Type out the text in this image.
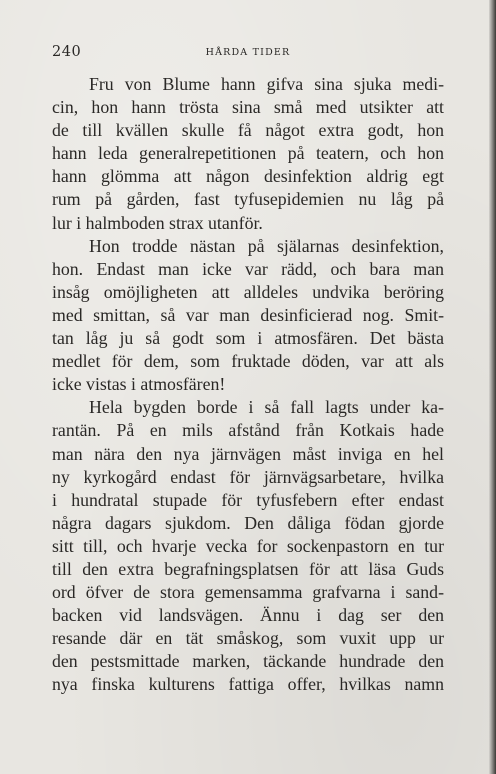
240	HÅRDA TIDER
Fru von Blume hann gifva sina sjuka medi-
cin, hon hann trösta sina små med utsikter att
de till kvällen skulle få något extra godt, hon
hann leda generalrepetitionen på teatern, och hon
hann glömma att någon desinfektion aldrig egt
rum på gården, fast tyfusepidemien nu låg på
lur i halmboden strax utanför.
Hon trodde nästan på själarnas desinfektion,
hon. Endast man icke var rädd, och bara man
insåg omöjligheten att alldeles undvika beröring
med smittan, så var man desinficierad nog. Smit-
tan låg ju så godt som i atmosfären. Det bästa
medlet för dem, som fruktade döden, var att als
icke vistas i atmosfären!
Hela bygden borde i så fall lagts under ka-
rantän. På en mils afstånd från Kotkais hade
man nära den nya järnvägen måst inviga en hel
ny kyrkogård endast för järnvägsarbetare, hvilka
i hundratal stupade för tyfusfebern efter endast
några dagars sjukdom. Den dåliga födan gjorde
sitt till, och hvarje vecka for sockenpastorn en tur
till den extra begrafningsplatsen för att läsa Guds
ord öfver de stora gemensamma grafvarna i sand-
backen vid landsvägen. Ännu i dag ser den
resande där en tät småskog, som vuxit upp ur
den pestsmittade marken, täckande hundrade den
nya finska kulturens fattiga offer, hvilkas namn
